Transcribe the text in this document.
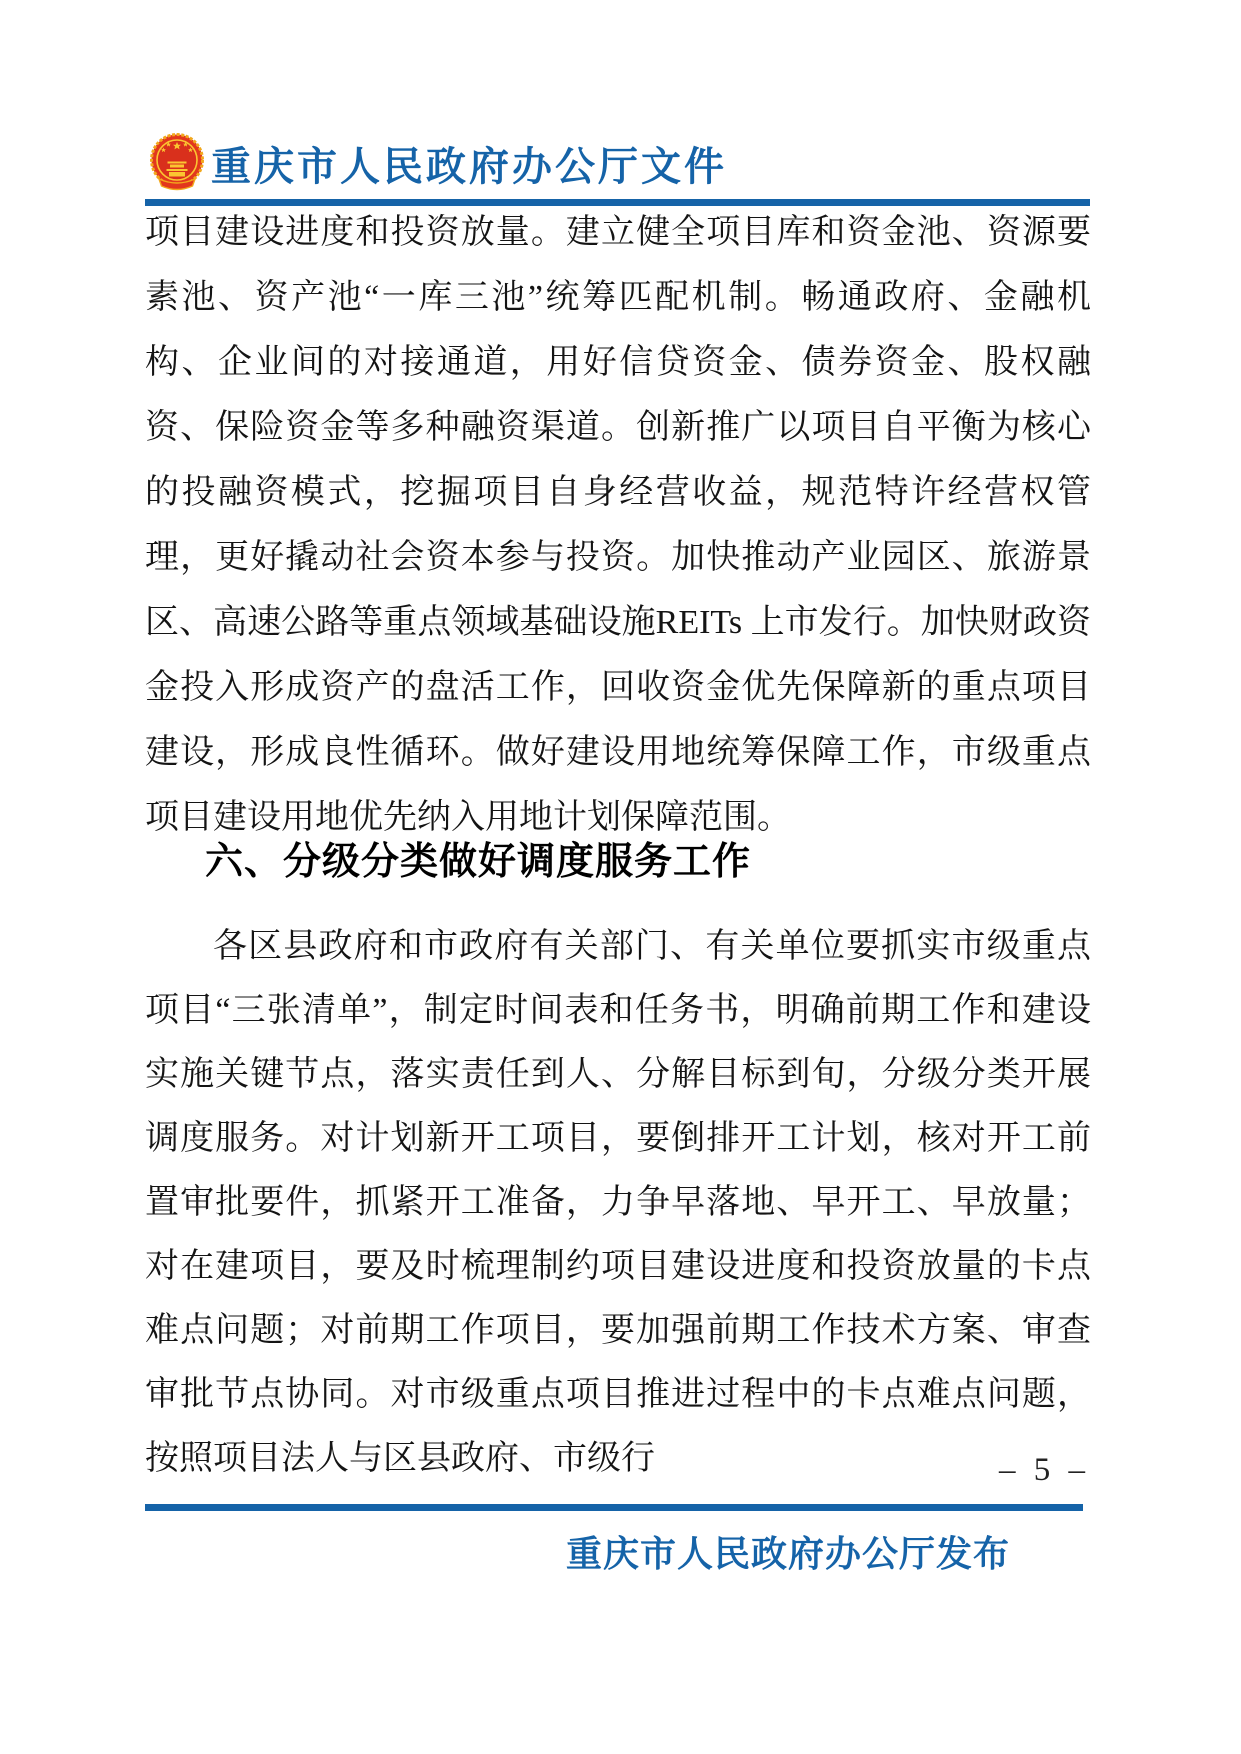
重庆市人民政府办公厅文件

项目建设进度和投资放量。建立健全项目库和资金池、资源要素池、资产池“一库三池”统筹匹配机制。畅通政府、金融机构、企业间的对接通道，用好信贷资金、债券资金、股权融资、保险资金等多种融资渠道。创新推广以项目自平衡为核心的投融资模式，挖掘项目自身经营收益，规范特许经营权管理，更好撬动社会资本参与投资。加快推动产业园区、旅游景区、高速公路等重点领域基础设施REITs 上市发行。加快财政资金投入形成资产的盘活工作，回收资金优先保障新的重点项目建设，形成良性循环。做好建设用地统筹保障工作，市级重点项目建设用地优先纳入用地计划保障范围。

六、分级分类做好调度服务工作

各区县政府和市政府有关部门、有关单位要抓实市级重点项目“三张清单”，制定时间表和任务书，明确前期工作和建设实施关键节点，落实责任到人、分解目标到旬，分级分类开展调度服务。对计划新开工项目，要倒排开工计划，核对开工前置审批要件，抓紧开工准备，力争早落地、早开工、早放量；对在建项目，要及时梳理制约项目建设进度和投资放量的卡点难点问题；对前期工作项目，要加强前期工作技术方案、审查审批节点协同。对市级重点项目推进过程中的卡点难点问题，按照项目法人与区县政府、市级行	– 5 –
重庆市人民政府办公厅发布
